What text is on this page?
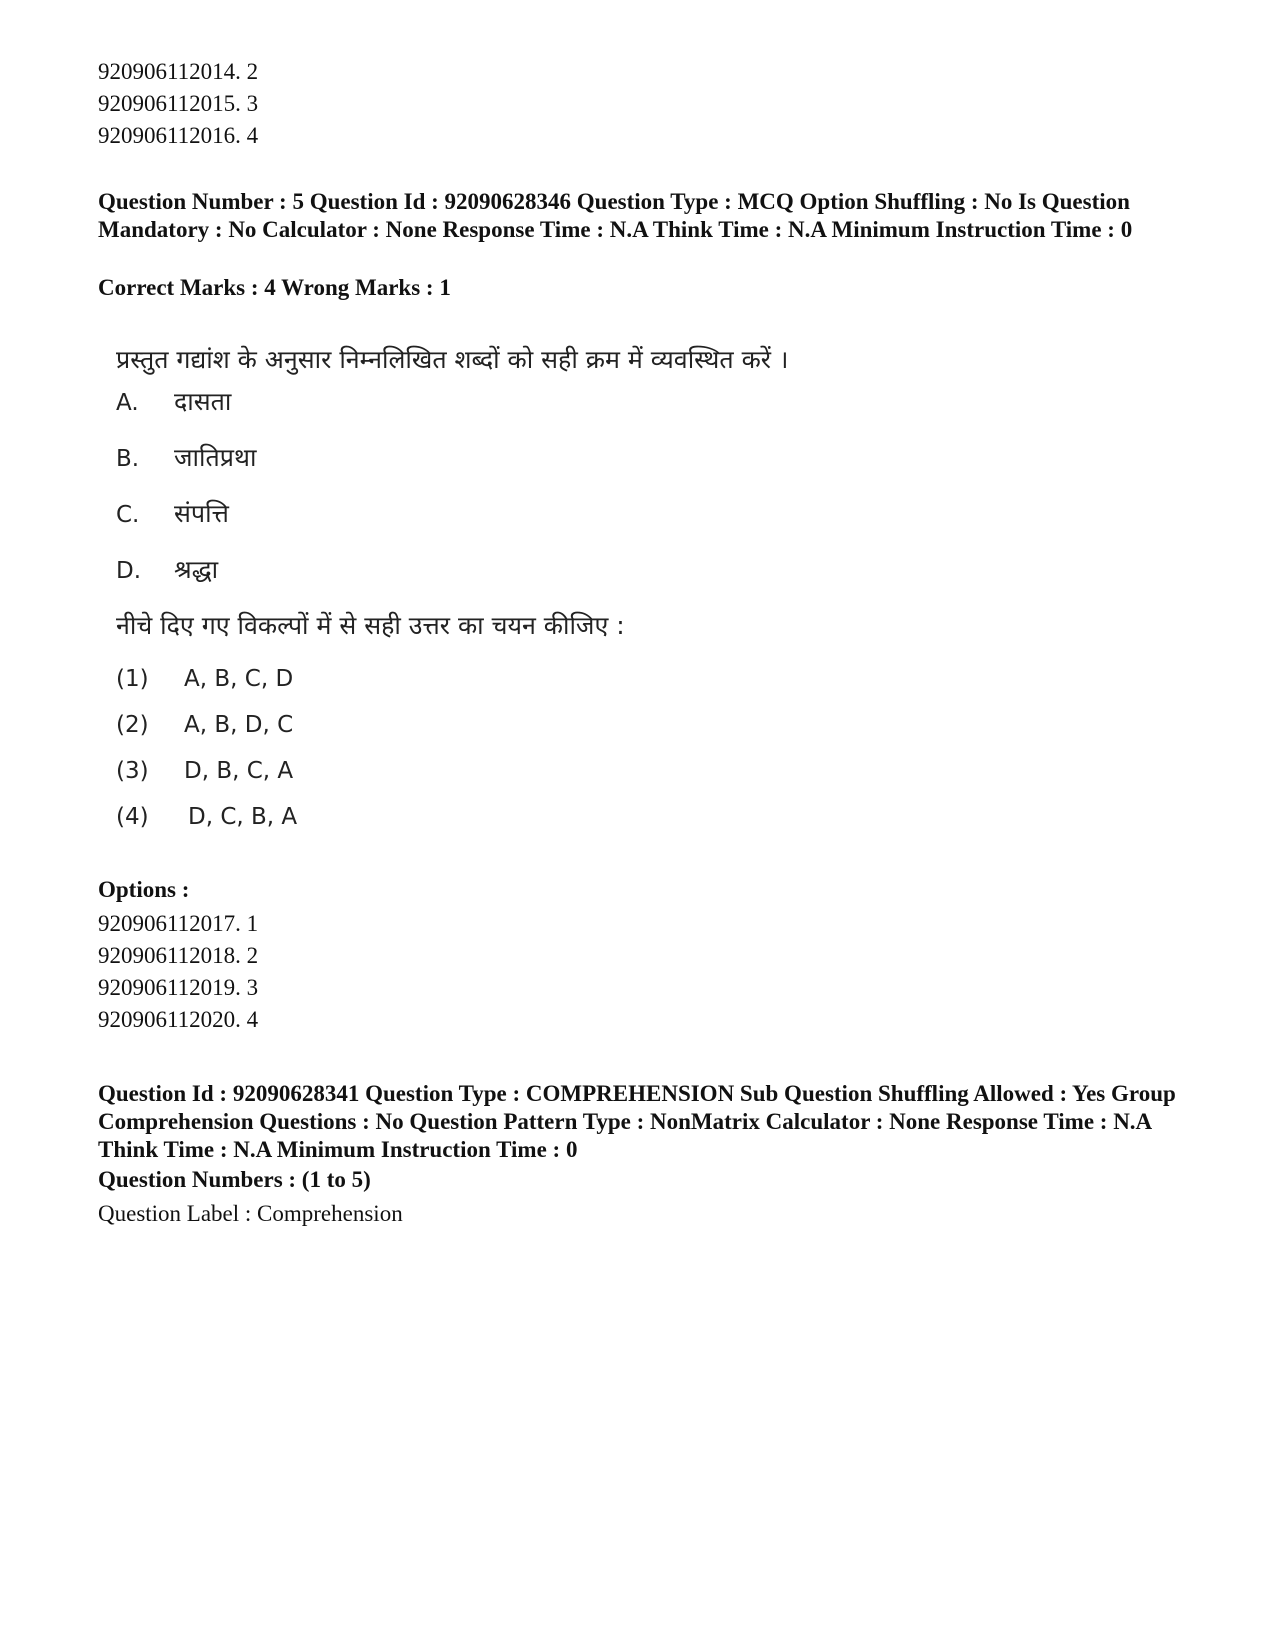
920906112014. 2
920906112015. 3
920906112016. 4
Question Number : 5 Question Id : 92090628346 Question Type : MCQ Option Shuffling : No Is Question Mandatory : No Calculator : None Response Time : N.A Think Time : N.A Minimum Instruction Time : 0
Correct Marks : 4 Wrong Marks : 1
प्रस्तुत गद्यांश के अनुसार निम्नलिखित शब्दों को सही क्रम में व्यवस्थित करें ।
A. दासता
B. जातिप्रथा
C. संपत्ति
D. श्रद्धा
नीचे दिए गए विकल्पों में से सही उत्तर का चयन कीजिए :
(1) A, B, C, D
(2) A, B, D, C
(3) D, B, C, A
(4) D, C, B, A
Options :
920906112017. 1
920906112018. 2
920906112019. 3
920906112020. 4
Question Id : 92090628341 Question Type : COMPREHENSION Sub Question Shuffling Allowed : Yes Group Comprehension Questions : No Question Pattern Type : NonMatrix Calculator : None Response Time : N.A Think Time : N.A Minimum Instruction Time : 0
Question Numbers : (1 to 5)
Question Label : Comprehension
